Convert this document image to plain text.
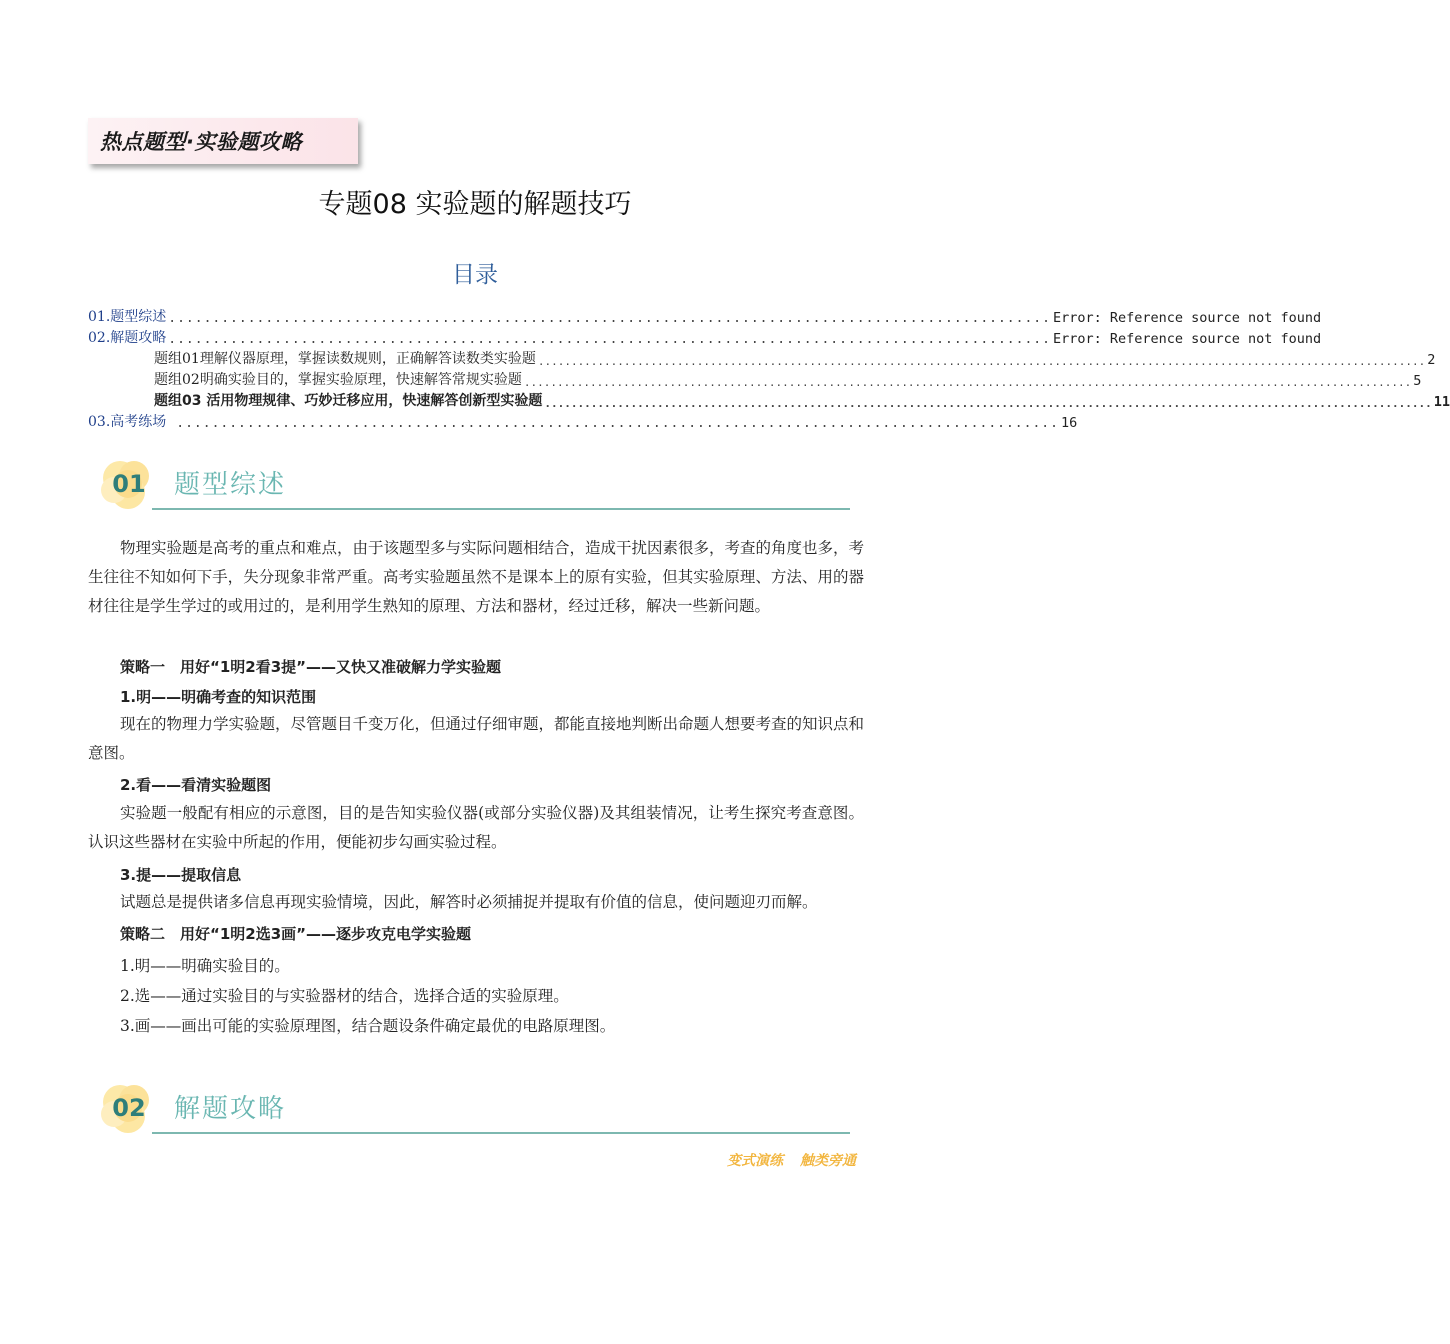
热点题型·实验题攻略
专题08 实验题的解题技巧
目录
01.题型综述 .................................................................................................... Error: Reference source not found
02.解题攻略 .................................................................................................... Error: Reference source not found
题组01理解仪器原理，掌握读数规则，正确解答读数类实验题 ...................................................................................................................................... 2
题组02明确实验目的，掌握实验原理，快速解答常规实验题 ...................................................................................................................................... 5
题组03 活用物理规律、巧妙迁移应用，快速解答创新型实验题 ...................................................................................................................................... 11
03.高考练场 .................................................................................................... 16
01	题型综述
物理实验题是高考的重点和难点，由于该题型多与实际问题相结合，造成干扰因素很多，考查的角度也多，考生往往不知如何下手，失分现象非常严重。高考实验题虽然不是课本上的原有实验，但其实验原理、方法、用的器材往往是学生学过的或用过的，是利用学生熟知的原理、方法和器材，经过迁移，解决一些新问题。
策略一　用好“1明2看3提”——又快又准破解力学实验题
1.明——明确考查的知识范围
现在的物理力学实验题，尽管题目千变万化，但通过仔细审题，都能直接地判断出命题人想要考查的知识点和意图。
2.看——看清实验题图
实验题一般配有相应的示意图，目的是告知实验仪器(或部分实验仪器)及其组装情况，让考生探究考查意图。认识这些器材在实验中所起的作用，便能初步勾画实验过程。
3.提——提取信息
试题总是提供诸多信息再现实验情境，因此，解答时必须捕捉并提取有价值的信息，使问题迎刃而解。
策略二　用好“1明2选3画”——逐步攻克电学实验题
1.明——明确实验目的。
2.选——通过实验目的与实验器材的结合，选择合适的实验原理。
3.画——画出可能的实验原理图，结合题设条件确定最优的电路原理图。
02	解题攻略
变式演练 触类旁通
